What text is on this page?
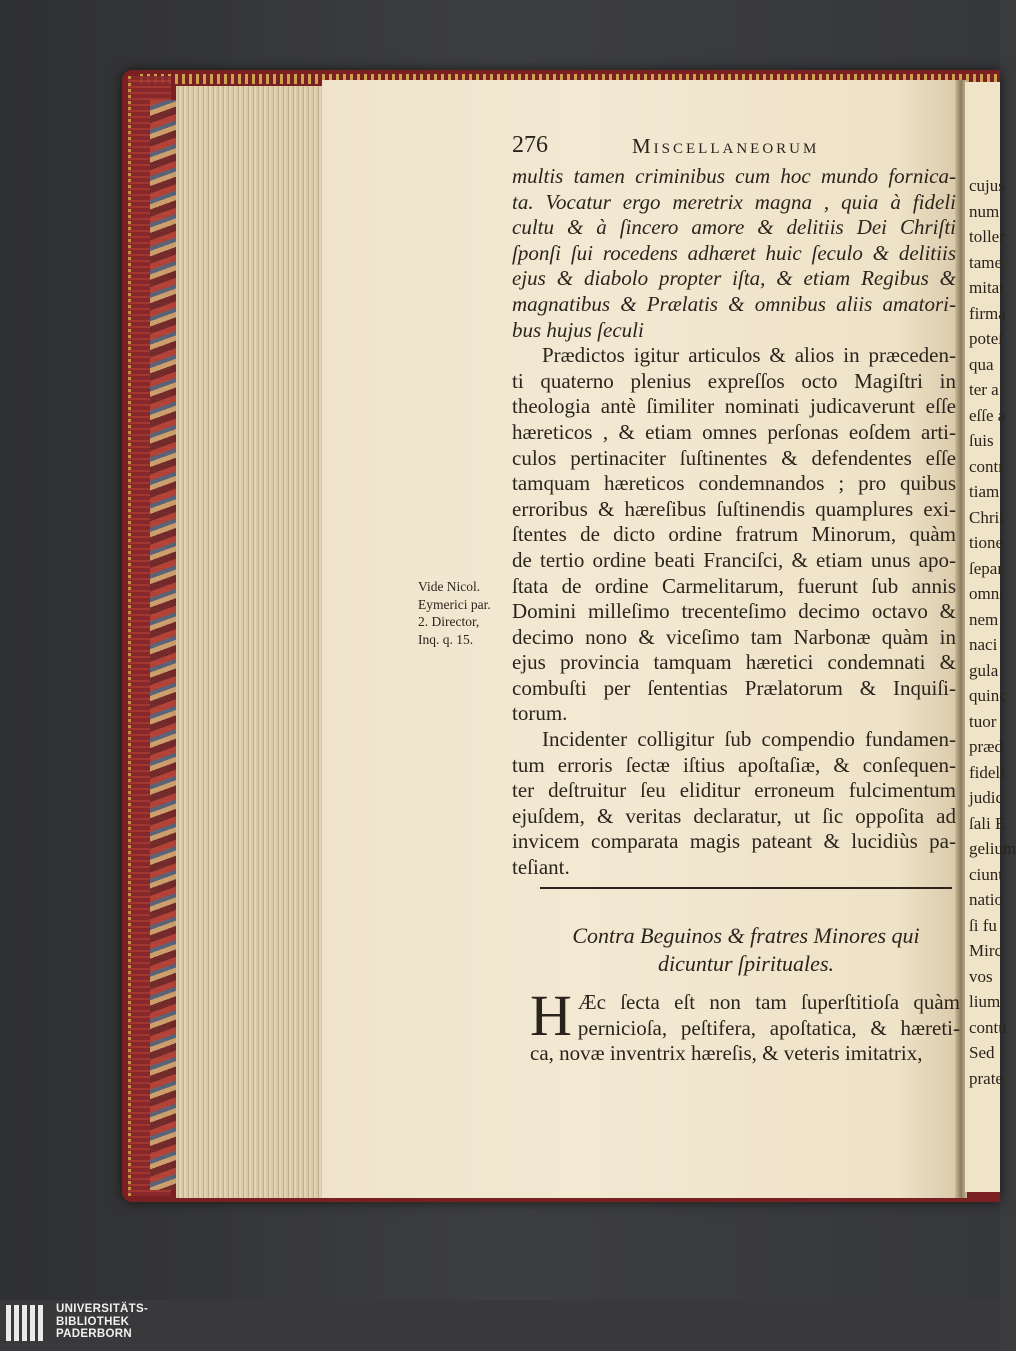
cujus
num
toller
tame
mitat
firma
poteſ
qua
ter a
eſſe a
ſuis
contr
tiam
Chriſ
tione
ſepar
omni
nem
naci
gula
quinc
tuor
præd
fideli
judic
ſali E
gelium
ciunt
natio
ſi fu
Mirc
vos
lium
contu
Sed
prate
276	Miscellaneorum

multis tamen criminibus cum hoc mundo fornica-
ta. Vocatur ergo meretrix magna , quia à fideli
cultu & à ſincero amore & delitiis Dei Chriſti
ſponſi ſui rocedens adhæret huic ſeculo & delitiis
ejus & diabolo propter iſta, & etiam Regibus &
magnatibus & Prælatis & omnibus aliis amatori-
bus hujus ſeculi

Prædictos igitur articulos & alios in præceden-
ti quaterno plenius expreſſos octo Magiſtri in
theologia antè ſimiliter nominati judicaverunt eſſe
hæreticos , & etiam omnes perſonas eoſdem arti-
culos pertinaciter ſuſtinentes & defendentes eſſe
tamquam hæreticos condemnandos ; pro quibus
erroribus & hæreſibus ſuſtinendis quamplures exi-
ſtentes de dicto ordine fratrum Minorum, quàm
de tertio ordine beati Franciſci, & etiam unus apo-
ſtata de ordine Carmelitarum, fuerunt ſub annis
Domini milleſimo trecenteſimo decimo octavo &
decimo nono & viceſimo tam Narbonæ quàm in
ejus provincia tamquam hæretici condemnati &
combuſti per ſententias Prælatorum & Inquiſi-
torum.

Incidenter colligitur ſub compendio fundamen-
tum erroris ſectæ iſtius apoſtaſiæ, & conſequen-
ter deſtruitur ſeu eliditur erroneum fulcimentum
ejuſdem, & veritas declaratur, ut ſic oppoſita ad
invicem comparata magis pateant & lucidiùs pa-
teſiant.

Vide Nicol.
Eymerici par.
2. Director,
Inq. q. 15.
Contra Beguinos & fratres Minores qui
dicuntur ſpirituales.
H Æc ſecta eſt non tam ſuperſtitioſa quàm
pernicioſa, peſtifera, apoſtatica, & hæreti-
ca, novæ inventrix hæreſis, & veteris imitatrix,
UNIVERSITÄTS-
BIBLIOTHEK
PADERBORN
